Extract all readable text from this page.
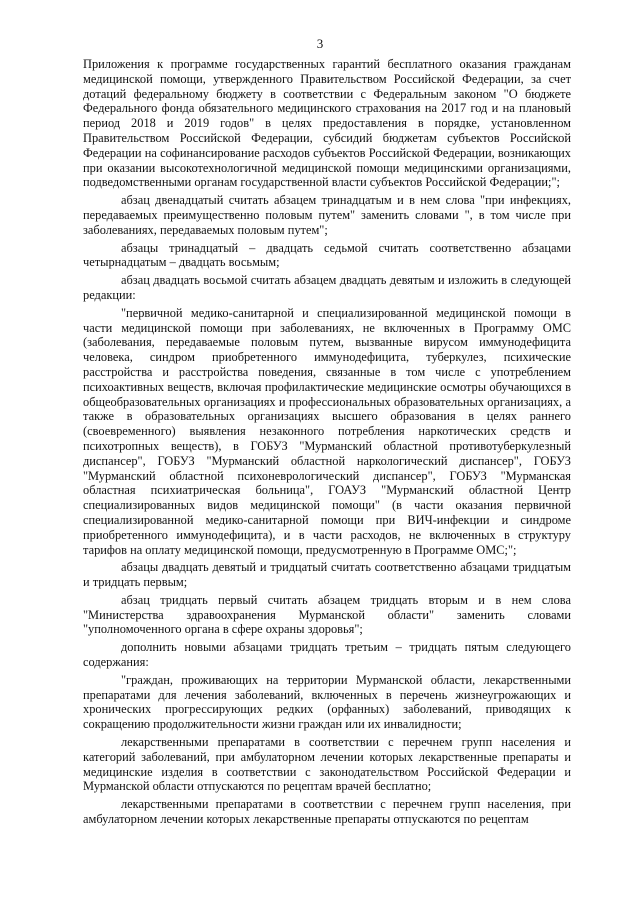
3

Приложения к программе государственных гарантий бесплатного оказания гражданам медицинской помощи, утвержденного Правительством Российской Федерации, за счет дотаций федеральному бюджету в соответствии с Федеральным законом "О бюджете Федерального фонда обязательного медицинского страхования на 2017 год и на плановый период 2018 и 2019 годов" в целях предоставления в порядке, установленном Правительством Российской Федерации, субсидий бюджетам субъектов Российской Федерации на софинансирование расходов субъектов Российской Федерации, возникающих при оказании высокотехнологичной медицинской помощи медицинскими организациями, подведомственными органам государственной власти субъектов Российской Федерации;";

абзац двенадцатый считать абзацем тринадцатым и в нем слова "при инфекциях, передаваемых преимущественно половым путем" заменить словами ", в том числе при заболеваниях, передаваемых половым путем";

абзацы тринадцатый – двадцать седьмой считать соответственно абзацами четырнадцатым – двадцать восьмым;

абзац двадцать восьмой считать абзацем двадцать девятым и изложить в следующей редакции:

"первичной медико-санитарной и специализированной медицинской помощи в части медицинской помощи при заболеваниях, не включенных в Программу ОМС (заболевания, передаваемые половым путем, вызванные вирусом иммунодефицита человека, синдром приобретенного иммунодефицита, туберкулез, психические расстройства и расстройства поведения, связанные в том числе с употреблением психоактивных веществ, включая профилактические медицинские осмотры обучающихся в общеобразовательных организациях и профессиональных образовательных организациях, а также в образовательных организациях высшего образования в целях раннего (своевременного) выявления незаконного потребления наркотических средств и психотропных веществ), в ГОБУЗ "Мурманский областной противотуберкулезный диспансер", ГОБУЗ "Мурманский областной наркологический диспансер", ГОБУЗ "Мурманский областной психоневрологический диспансер", ГОБУЗ "Мурманская областная психиатрическая больница", ГОАУЗ "Мурманский областной Центр специализированных видов медицинской помощи" (в части оказания первичной специализированной медико-санитарной помощи при ВИЧ-инфекции и синдроме приобретенного иммунодефицита), и в части расходов, не включенных в структуру тарифов на оплату медицинской помощи, предусмотренную в Программе ОМС;";

абзацы двадцать девятый и тридцатый считать соответственно абзацами тридцатым и тридцать первым;

абзац тридцать первый считать абзацем тридцать вторым и в нем слова "Министерства здравоохранения Мурманской области" заменить словами "уполномоченного органа в сфере охраны здоровья";

дополнить новыми абзацами тридцать третьим – тридцать пятым следующего содержания:

"граждан, проживающих на территории Мурманской области, лекарственными препаратами для лечения заболеваний, включенных в перечень жизнеугрожающих и хронических прогрессирующих редких (орфанных) заболеваний, приводящих к сокращению продолжительности жизни граждан или их инвалидности;

лекарственными препаратами в соответствии с перечнем групп населения и категорий заболеваний, при амбулаторном лечении которых лекарственные препараты и медицинские изделия в соответствии с законодательством Российской Федерации и Мурманской области отпускаются по рецептам врачей бесплатно;

лекарственными препаратами в соответствии с перечнем групп населения, при амбулаторном лечении которых лекарственные препараты отпускаются по рецептам
